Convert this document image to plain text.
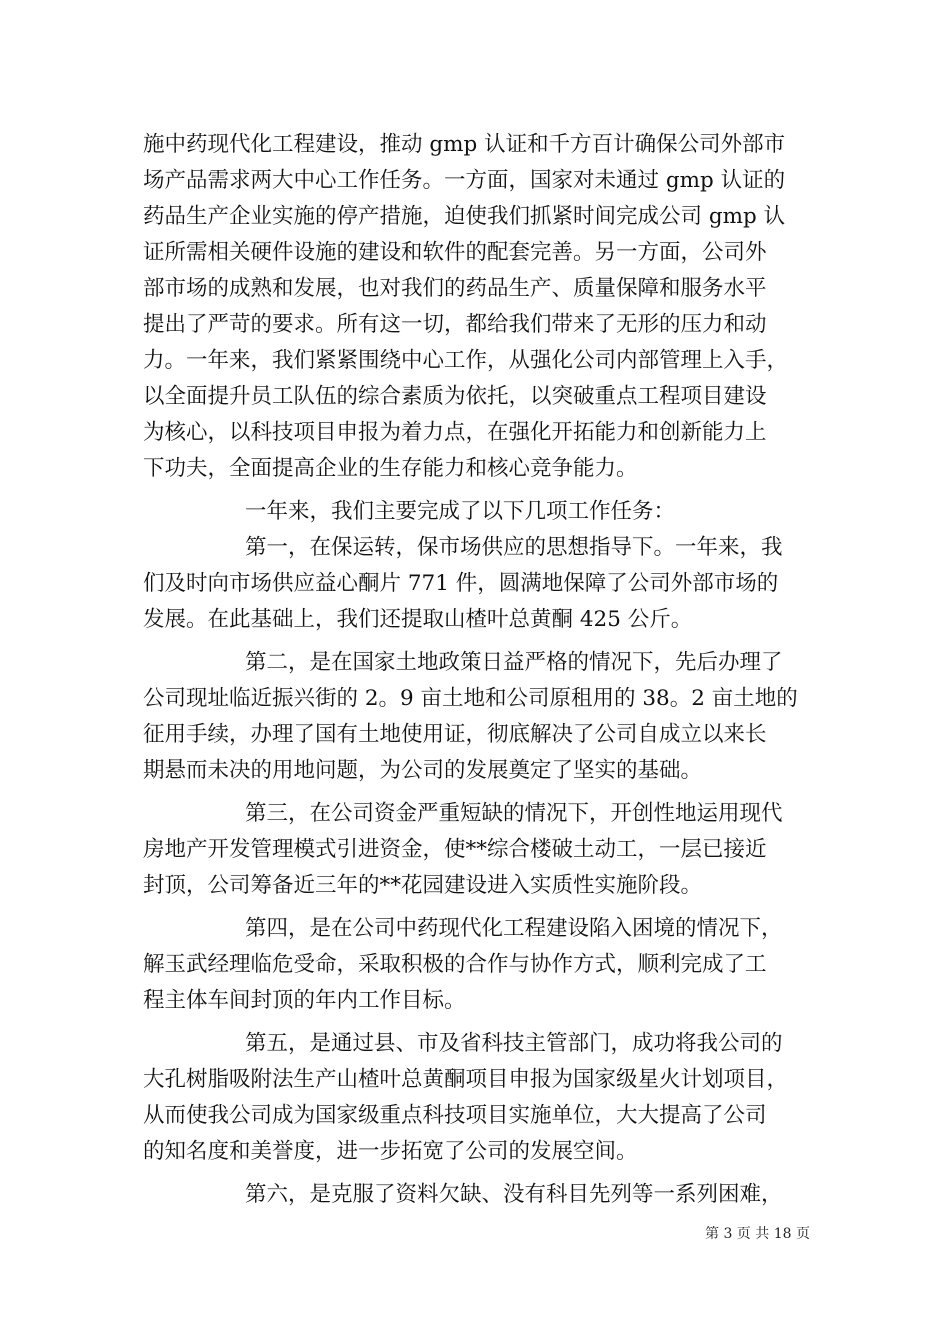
施中药现代化工程建设，推动 gmp 认证和千方百计确保公司外部市
场产品需求两大中心工作任务。一方面，国家对未通过 gmp 认证的
药品生产企业实施的停产措施，迫使我们抓紧时间完成公司 gmp 认
证所需相关硬件设施的建设和软件的配套完善。另一方面，公司外
部市场的成熟和发展，也对我们的药品生产、质量保障和服务水平
提出了严苛的要求。所有这一切，都给我们带来了无形的压力和动
力。一年来，我们紧紧围绕中心工作，从强化公司内部管理上入手，
以全面提升员工队伍的综合素质为依托，以突破重点工程项目建设
为核心，以科技项目申报为着力点，在强化开拓能力和创新能力上
下功夫，全面提高企业的生存能力和核心竞争能力。
一年来，我们主要完成了以下几项工作任务：
第一，在保运转，保市场供应的思想指导下。一年来，我
们及时向市场供应益心酮片 771 件，圆满地保障了公司外部市场的
发展。在此基础上，我们还提取山楂叶总黄酮 425 公斤。
第二，是在国家土地政策日益严格的情况下，先后办理了
公司现址临近振兴街的 2。9 亩土地和公司原租用的 38。2 亩土地的
征用手续，办理了国有土地使用证，彻底解决了公司自成立以来长
期悬而未决的用地问题，为公司的发展奠定了坚实的基础。
第三，在公司资金严重短缺的情况下，开创性地运用现代
房地产开发管理模式引进资金，使**综合楼破土动工，一层已接近
封顶，公司筹备近三年的**花园建设进入实质性实施阶段。
第四，是在公司中药现代化工程建设陷入困境的情况下，
解玉武经理临危受命，采取积极的合作与协作方式，顺利完成了工
程主体车间封顶的年内工作目标。
第五，是通过县、市及省科技主管部门，成功将我公司的
大孔树脂吸附法生产山楂叶总黄酮项目申报为国家级星火计划项目，
从而使我公司成为国家级重点科技项目实施单位，大大提高了公司
的知名度和美誉度，进一步拓宽了公司的发展空间。
第六，是克服了资料欠缺、没有科目先列等一系列困难，
第 3 页 共 18 页
